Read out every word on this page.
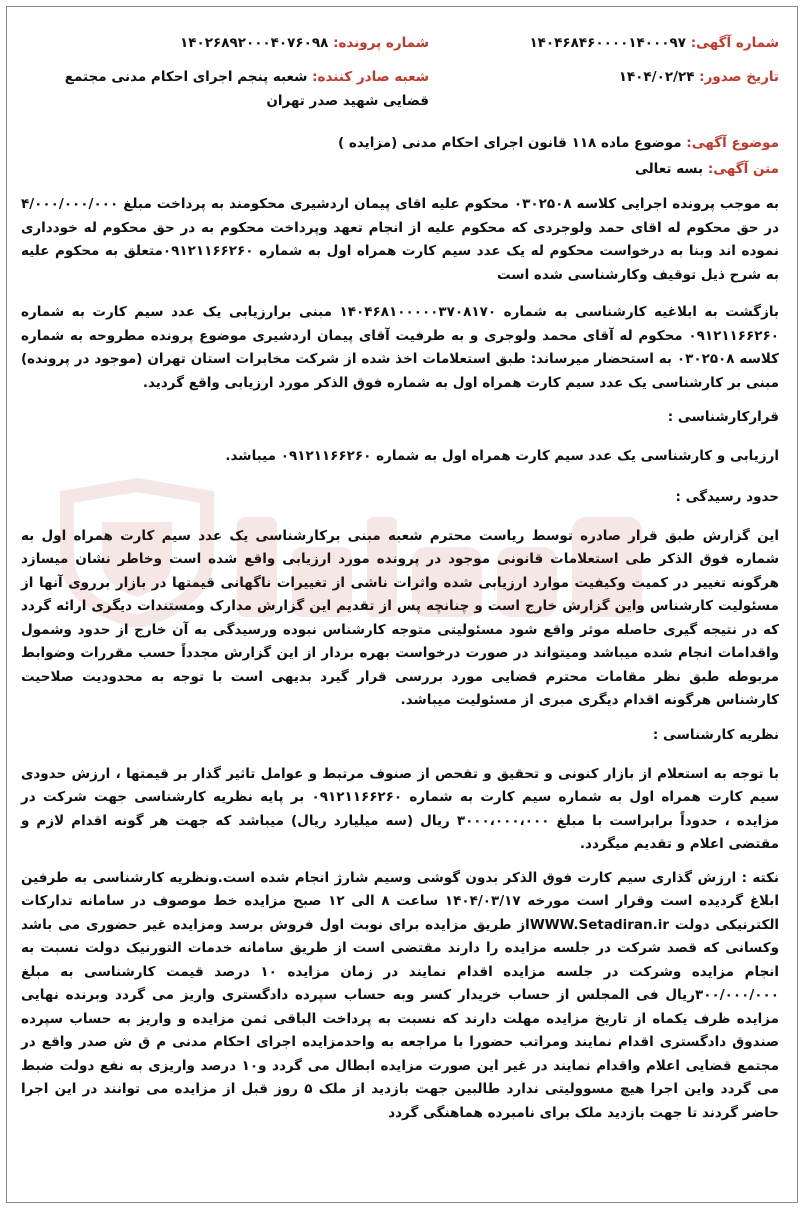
شماره آگهی: ۱۴۰۴۶۸۴۶۰۰۰۰۱۴۰۰۰۹۷
شماره پرونده: ۱۴۰۲۶۸۹۲۰۰۰۴۰۷۶۰۹۸
تاریخ صدور: ۱۴۰۴/۰۲/۲۴
شعبه صادر کننده: شعبه پنجم اجرای احکام مدنی مجتمع قضایی شهید صدر تهران
موضوع آگهی: موضوع ماده ۱۱۸ قانون اجرای احکام مدنی (مزایده )
متن آگهی: بسه تعالی

به موجب پرونده اجرایی کلاسه ۰۳۰۲۵۰۸ محکوم علیه اقای پیمان اردشیری محکومند به پرداخت مبلغ ۴/۰۰۰/۰۰۰/۰۰۰ در حق محکوم له اقای حمد ولوجردی که محکوم علیه از انجام تعهد وپرداخت محکوم به در حق محکوم له خودداری نموده اند وبنا به درخواست محکوم له یک عدد سیم کارت همراه اول به شماره ۰۹۱۲۱۱۶۶۲۶۰متعلق به محکوم علیه به شرح ذیل توقیف وکارشناسی شده است

بازگشت به ابلاغیه کارشناسی به شماره ۱۴۰۴۶۸۱۰۰۰۰۰۳۷۰۸۱۷۰ مبنی برارزیابی یک عدد سیم کارت به شماره ۰۹۱۲۱۱۶۶۲۶۰ محکوم له آقای محمد ولوجری و به طرفیت آقای پیمان اردشیری موضوع پرونده مطروحه به شماره کلاسه ۰۳۰۲۵۰۸ به استحضار میرساند: طبق استعلامات اخذ شده از شرکت مخابرات استان تهران (موجود در پرونده) مبنی بر کارشناسی یک عدد سیم کارت همراه اول به شماره فوق الذکر مورد ارزیابی واقع گردید.

قرارکارشناسی :

ارزیابی و کارشناسی یک عدد سیم کارت همراه اول به شماره ۰۹۱۲۱۱۶۶۲۶۰ میباشد.

حدود رسیدگی :

این گزارش طبق قرار صادره توسط ریاست محترم شعبه مبنی برکارشناسی یک عدد سیم کارت همراه اول به شماره فوق الذکر طی استعلامات قانونی موجود در پرونده مورد ارزیابی واقع شده است وخاطر نشان میسازد هرگونه تغییر در کمیت وکیفیت موارد ارزیابی شده واثرات ناشی از تغییرات ناگهانی قیمتها در بازار برروی آنها از مسئولیت کارشناس واین گزارش خارج است و چنانچه پس از تقدیم این گزارش مدارک ومستندات دیگری ارائه گردد که در نتیجه گیری حاصله موثر واقع شود مسئولیتی متوجه کارشناس نبوده ورسیدگی به آن خارج از حدود وشمول واقدامات انجام شده میباشد ومیتواند در صورت درخواست بهره بردار از این گزارش مجدداً حسب مقررات وضوابط مربوطه طبق نظر مقامات محترم قضایی مورد بررسی قرار گیرد بدیهی است با توجه به محدودیت صلاحیت کارشناس هرگونه اقدام دیگری مبری از مسئولیت میباشد.

نظریه کارشناسی :

با توجه به استعلام از بازار کنونی و تحقیق و تفحص از صنوف مرتبط و عوامل تاثیر گذار بر قیمتها ، ارزش حدودی سیم کارت همراه اول به شماره سیم کارت به شماره ۰۹۱۲۱۱۶۶۲۶۰ بر پایه نظریه کارشناسی جهت شرکت در مزایده ، حدوداً برابراست با مبلغ ۳۰۰۰،۰۰۰،۰۰۰ ریال (سه میلیارد ریال) میباشد که جهت هر گونه اقدام لازم و مقتضی اعلام و تقدیم میگردد.

نکته : ارزش گذاری سیم کارت فوق الذکر بدون گوشی وسیم شارژ انجام شده است.ونظریه کارشناسی به طرفین ابلاغ گردیده است وقرار است مورخه ۱۴۰۴/۰۳/۱۷ ساعت ۸ الی ۱۲ صبح مزایده خط موصوف در سامانه تدارکات الکترنیکی دولت WWW.Setadiran.irاز طریق مزایده برای نوبت اول فروش برسد ومزایده غیر حضوری می باشد وکسانی که قصد شرکت در جلسه مزایده را دارند مقتضی است از طریق سامانه خدمات التورنیک دولت نسبت به انجام مزایده وشرکت در جلسه مزایده اقدام نمایند در زمان مزایده ۱۰ درصد قیمت کارشناسی به مبلغ ۳۰۰/۰۰۰/۰۰۰ریال فی المجلس از حساب خریدار کسر وبه حساب سپرده دادگستری واریز می گردد وبرنده نهایی مزایده ظرف یکماه از تاریخ مزایده مهلت دارند که نسبت به پرداخت الباقی ثمن مزایده و واریز به حساب سپرده صندوق دادگستری اقدام نمایند ومراتب حضورا با مراجعه به واحدمزایده اجرای احکام مدنی م ق ش صدر واقع در مجتمع قضایی اعلام واقدام نمایند در غیر این صورت مزایده ابطال می گردد و۱۰ درصد واریزی به نفع دولت ضبط می گردد واین اجرا هیچ مسوولیتی ندارد طالبین جهت بازدید از ملک ۵ روز قبل از مزایده می توانند در این اجرا حاضر گردند تا جهت بازدید ملک برای نامبرده هماهنگی گردد
